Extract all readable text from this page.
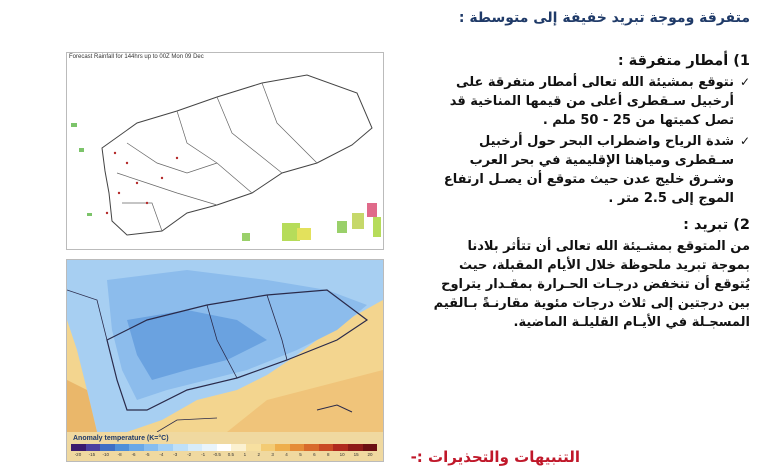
متفرقة وموجة تبريد خفيفة إلى متوسطة :
Forecast Rainfall for 144hrs up to 00Z Mon 09 Dec
Anomaly temperature (K=°C)
-20	-15	-10	-8	-6	-5	-4	-3	-2	-1	-0.5	0.5	1	2	3	4	5	6	8	10	15	20
1) أمطار متفرقة :
✓
نتوقع بمشيئة الله تعالى أمطار متفرقة على أرخبيل سـقطرى أعلى من قيمها المناخية قد تصل كميتها من 25 - 50 ملم .
✓
شدة الرياح واضطراب البحر حول أرخبيل سـقطرى ومياهنا الإقليمية في بحر العرب وشـرق خليج عدن حيث متوقع أن يصـل ارتفاع الموج إلى 2.5 متر .
2) تبريد :
من المتوقع بمشـيئة الله تعالى أن تتأثر بلادنا بموجة تبريد ملحوظة خلال الأيام المقبلة، حيث يُتوقع أن تنخفض درجـات الحـرارة بمقـدار يتراوح بين درجتين إلى ثلاث درجات مئوية مقارنـةً بـالقيم المسجـلة في الأيـام القليلـة الماضية.
التنبيهات والتحذيرات :-
